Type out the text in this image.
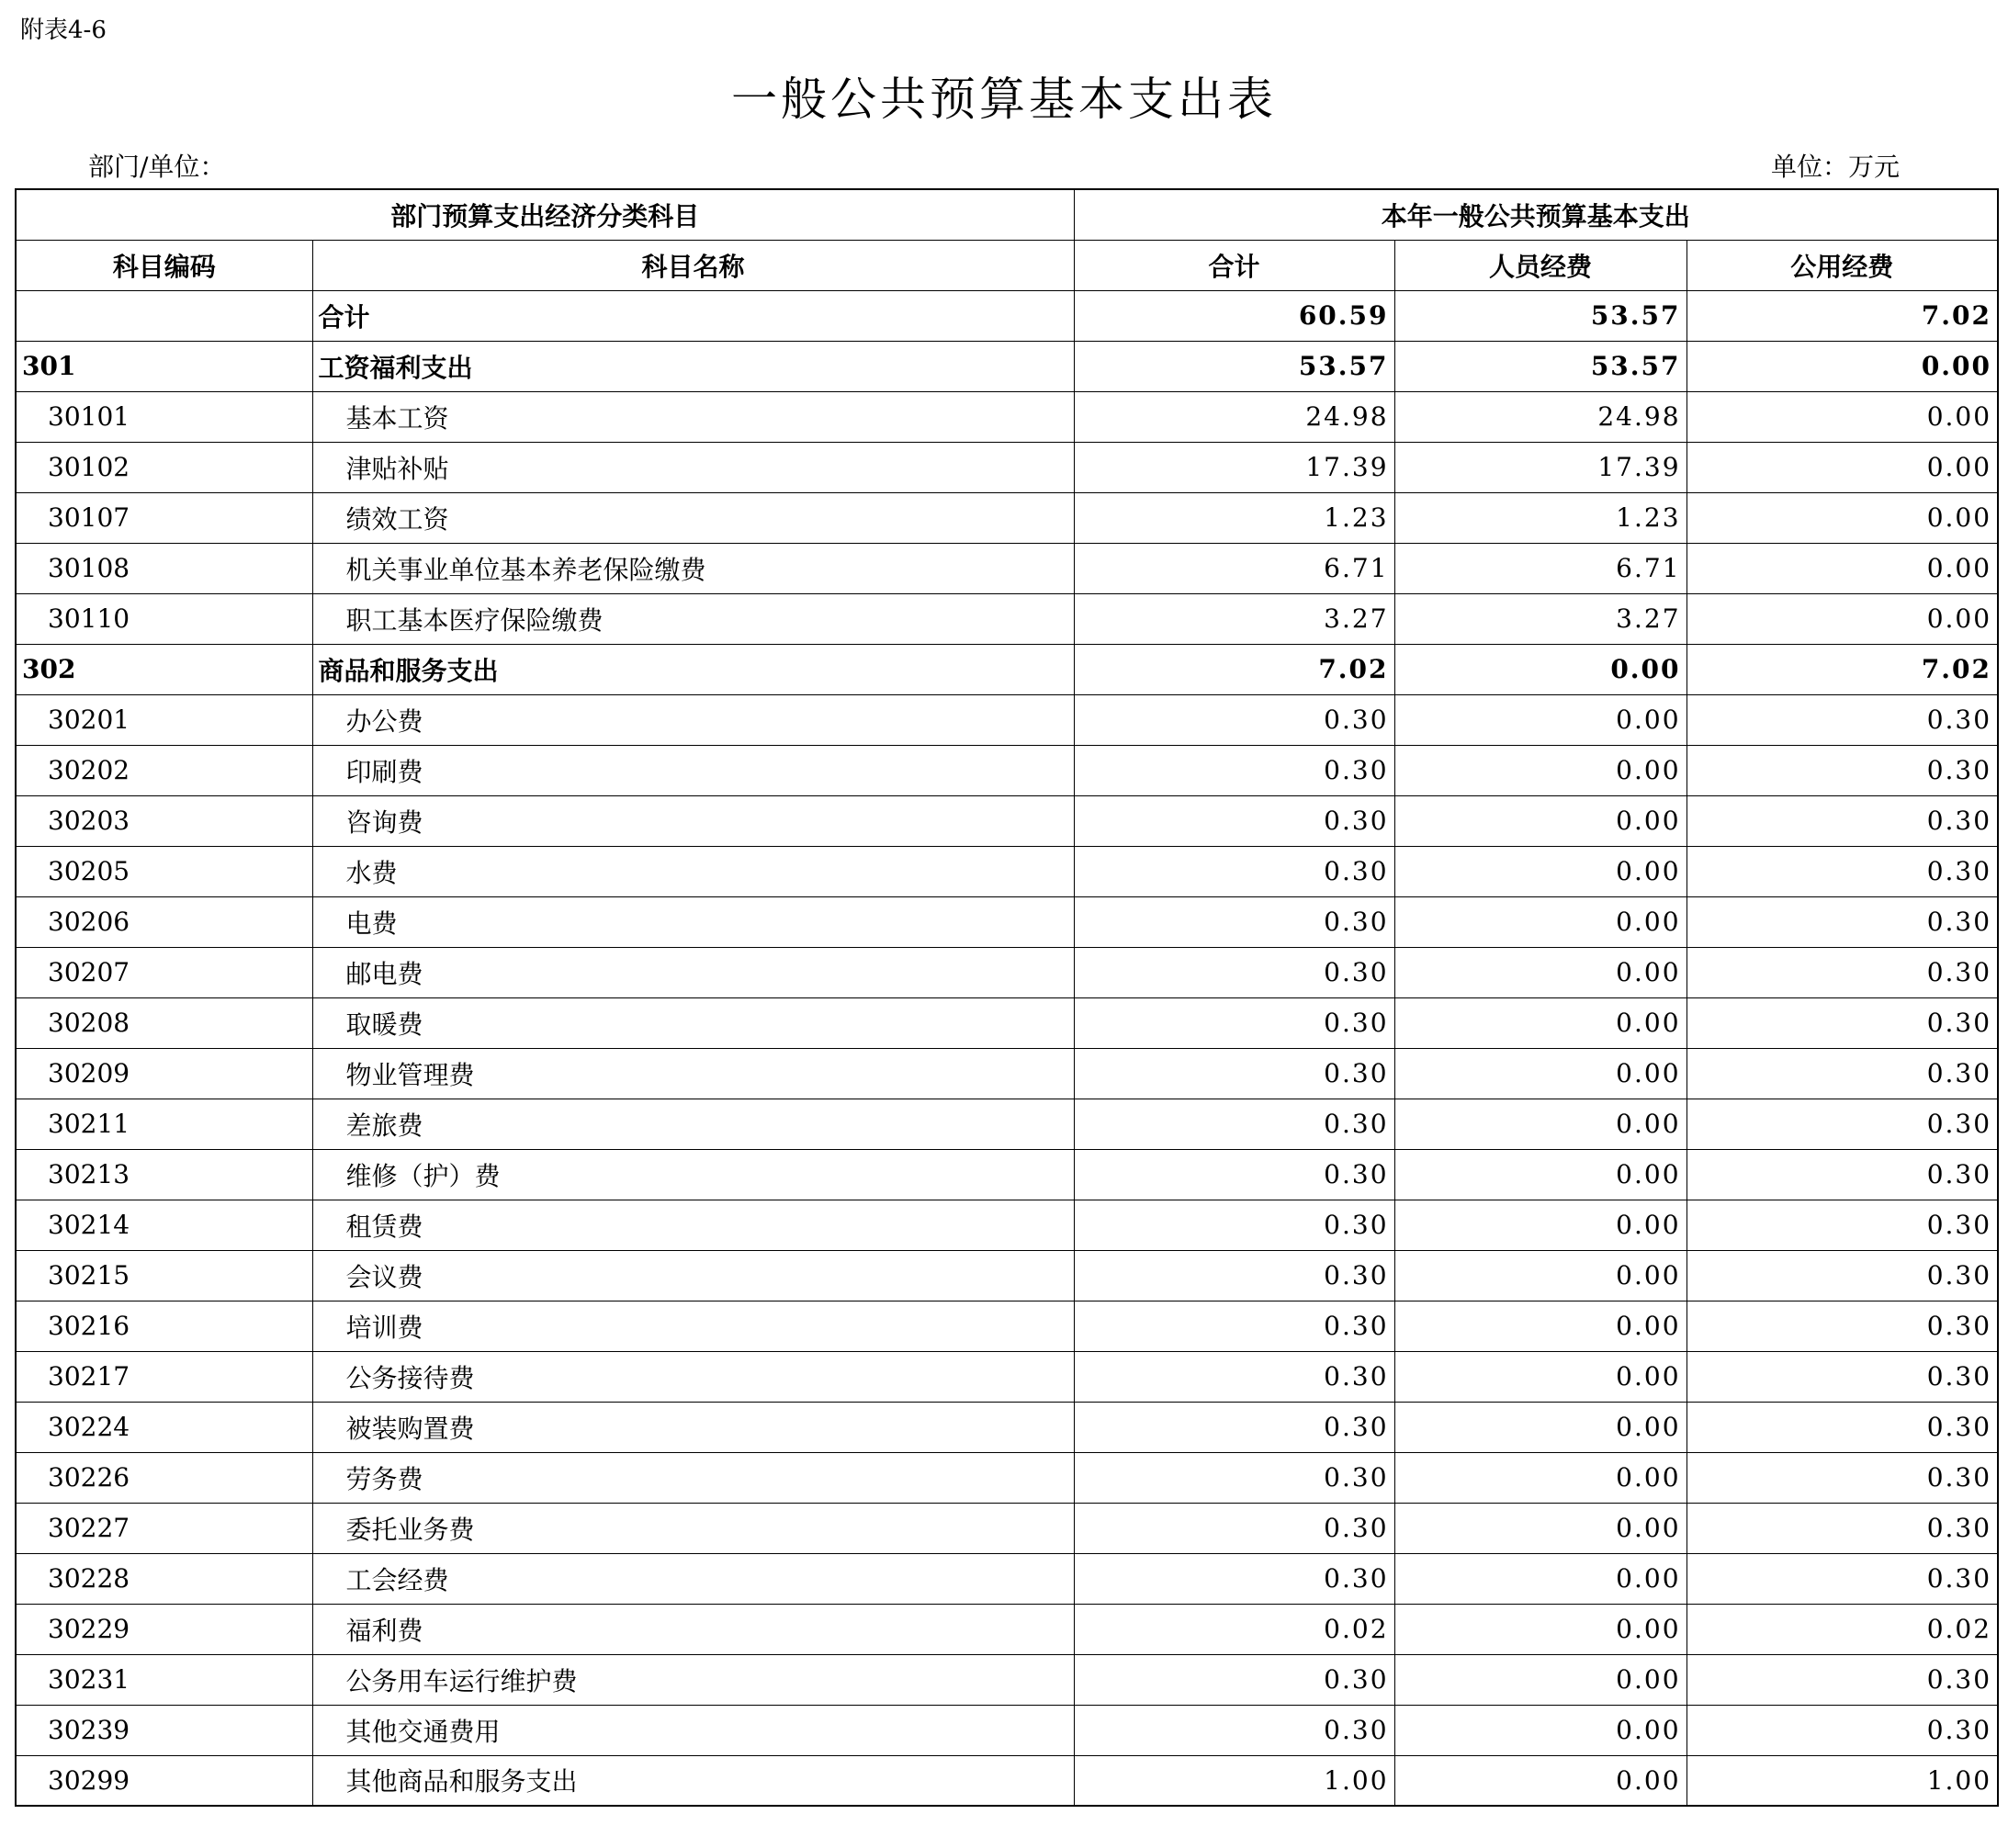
附表4-6
一般公共预算基本支出表
部门/单位：	单位：万元
部门预算支出经济分类科目		本年一般公共预算基本支出		
科目编码	科目名称	合计	人员经费	公用经费
	合计	60.59	53.57	7.02
301	工资福利支出	53.57	53.57	0.00
30101	基本工资	24.98	24.98	0.00
30102	津贴补贴	17.39	17.39	0.00
30107	绩效工资	1.23	1.23	0.00
30108	机关事业单位基本养老保险缴费	6.71	6.71	0.00
30110	职工基本医疗保险缴费	3.27	3.27	0.00
302	商品和服务支出	7.02	0.00	7.02
30201	办公费	0.30	0.00	0.30
30202	印刷费	0.30	0.00	0.30
30203	咨询费	0.30	0.00	0.30
30205	水费	0.30	0.00	0.30
30206	电费	0.30	0.00	0.30
30207	邮电费	0.30	0.00	0.30
30208	取暖费	0.30	0.00	0.30
30209	物业管理费	0.30	0.00	0.30
30211	差旅费	0.30	0.00	0.30
30213	维修（护）费	0.30	0.00	0.30
30214	租赁费	0.30	0.00	0.30
30215	会议费	0.30	0.00	0.30
30216	培训费	0.30	0.00	0.30
30217	公务接待费	0.30	0.00	0.30
30224	被装购置费	0.30	0.00	0.30
30226	劳务费	0.30	0.00	0.30
30227	委托业务费	0.30	0.00	0.30
30228	工会经费	0.30	0.00	0.30
30229	福利费	0.02	0.00	0.02
30231	公务用车运行维护费	0.30	0.00	0.30
30239	其他交通费用	0.30	0.00	0.30
30299	其他商品和服务支出	1.00	0.00	1.00
